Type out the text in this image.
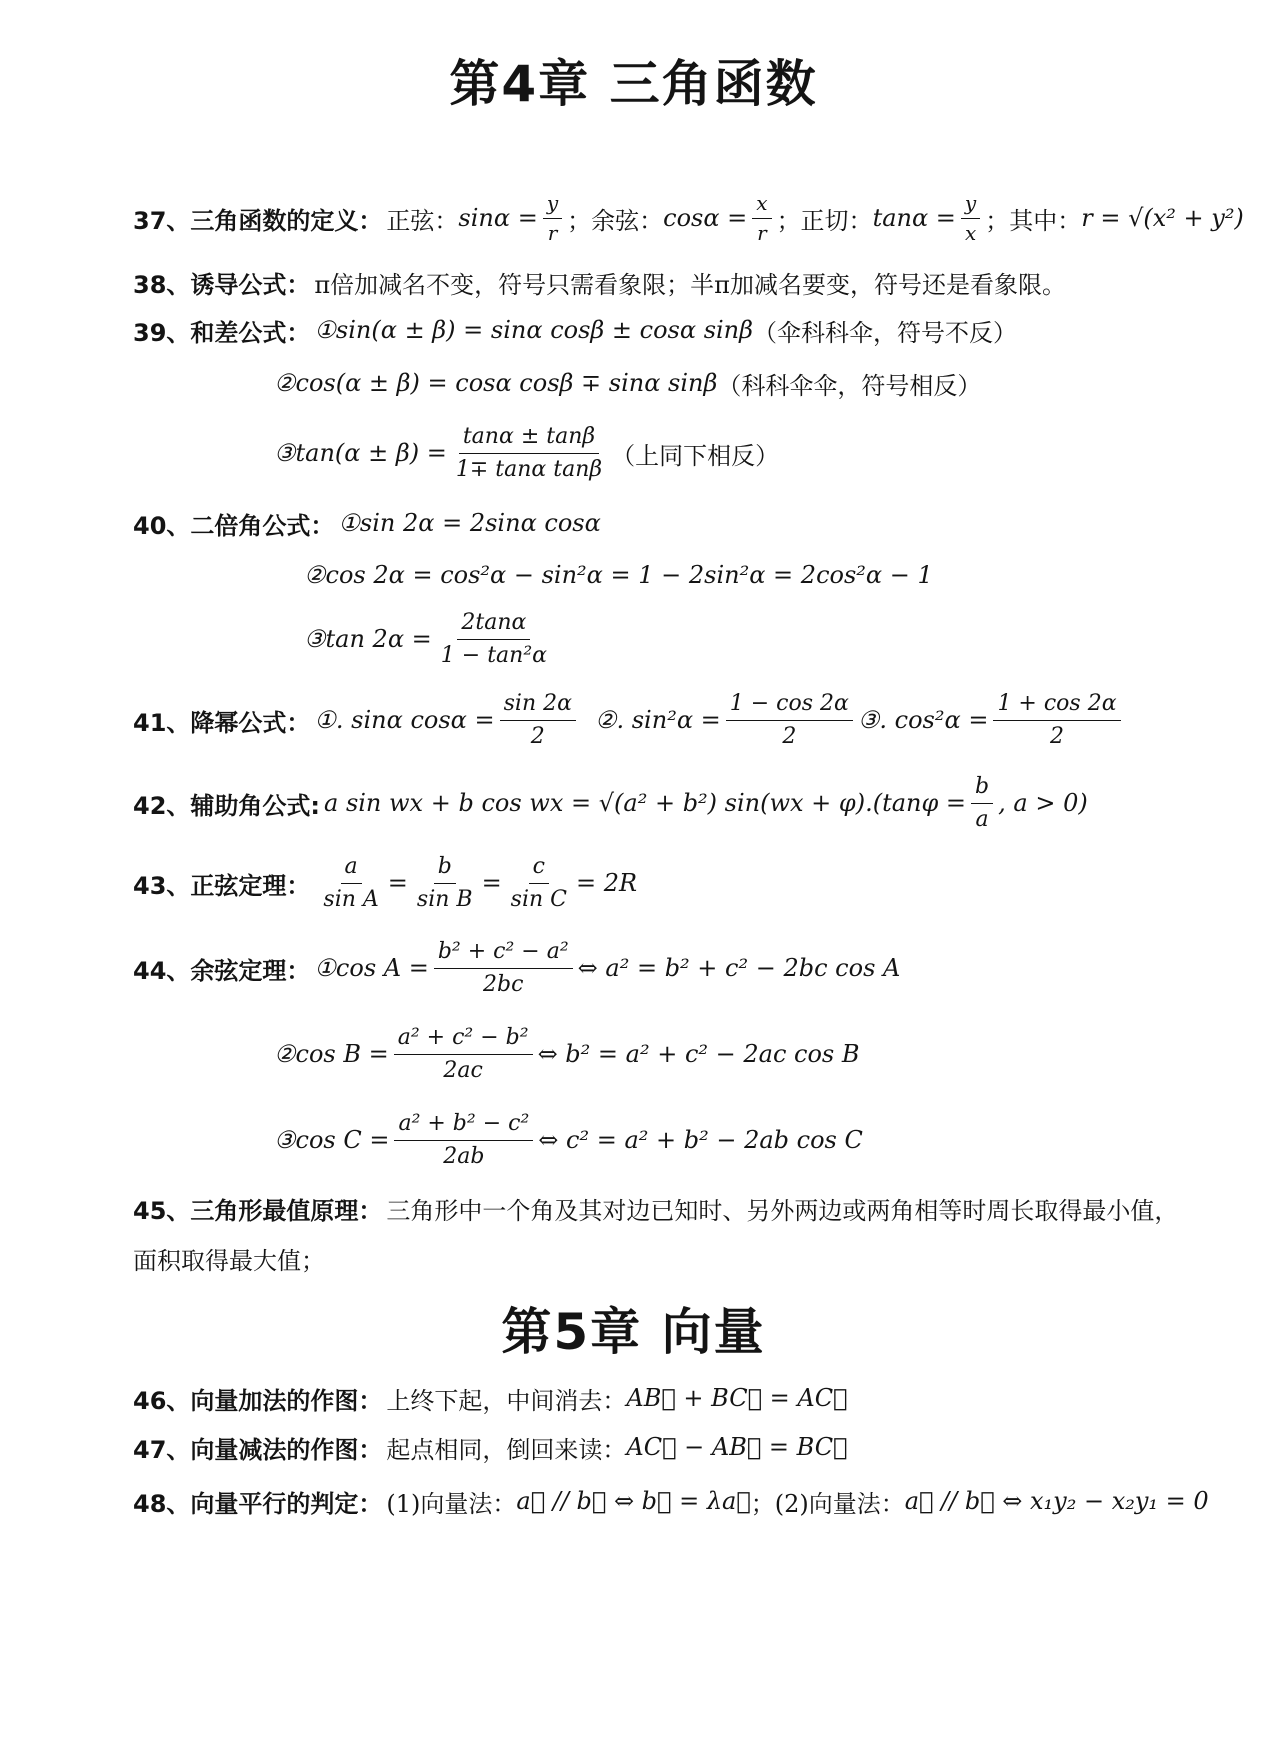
第4章 三角函数
37、三角函数的定义： 正弦： $\sin\alpha = \frac{y}{r}$ ；余弦： $\cos\alpha = \frac{x}{r}$ ；正切： $\tan\alpha = \frac{y}{x}$ ；其中： r = √(x² + y²)
38、诱导公式： π倍加减名不变，符号只需看象限；半π加减名要变，符号还是看象限。
39、和差公式： ①sin(α ± β) = sinα cosβ ± cosα sinβ （伞科科伞，符号不反）
②cos(α ± β) = cosα cosβ ∓ sinα sinβ （科科伞伞，符号相反）
③tan(α ± $\beta) = \frac{\tan\alpha \pm \tan\beta}{\text{1∓ tanα tanβ}}$ （上同下相反）
40、二倍角公式： ①sin 2α = 2sinα cosα
②cos 2α = cos²α − sin²α = 1 − 2sin²α = 2cos²α − 1
③tan $2\alpha = \frac{2\tan\alpha}{\text{1 − tan²α}}$
41、降幂公式： ①. sinα $\cos\alpha = \frac{\sin 2\alpha}{2}$ ②. $\sin^2\alpha = \frac{1 - \cos 2\alpha}{2}$ ③. $\cos^2\alpha = \frac{1 + \cos 2\alpha}{2}$
42、辅助角公式: a sin wx + b cos wx = √(a² + b²) $\sin(wx + \varphi).(\tan\varphi = \frac{b}{a}$ , a > 0)
43、正弦定理： $\frac{a}{\text{sin A}} = \frac{b}{\text{sin B}} = \frac{c}{\text{sin C}} = 2R$
44、余弦定理： ①cos $A = \frac{\text{b² + c² − a²}}{2bc}$ ⇔ a² = b² + c² − 2bc cos A
②cos $B = \frac{\text{a² + c² − b²}}{2ac}$ ⇔ b² = a² + c² − 2ac cos B
③cos $C = \frac{\text{a² + b² − c²}}{2ab}$ ⇔ c² = a² + b² − 2ab cos C
45、三角形最值原理： 三角形中一个角及其对边已知时、另外两边或两角相等时周长取得最小值，
面积取得最大值；
第5章 向量
46、向量加法的作图： 上终下起，中间消去： AB⃗ + BC⃗ = AC⃗
47、向量减法的作图： 起点相同，倒回来读： AC⃗ − AB⃗ = BC⃗
48、向量平行的判定： (1)向量法： a⃗ // b⃗ ⇔ b⃗ = λa⃗ ；(2)向量法： a⃗ // b⃗ ⇔ x₁y₂ − x₂y₁ = 0
